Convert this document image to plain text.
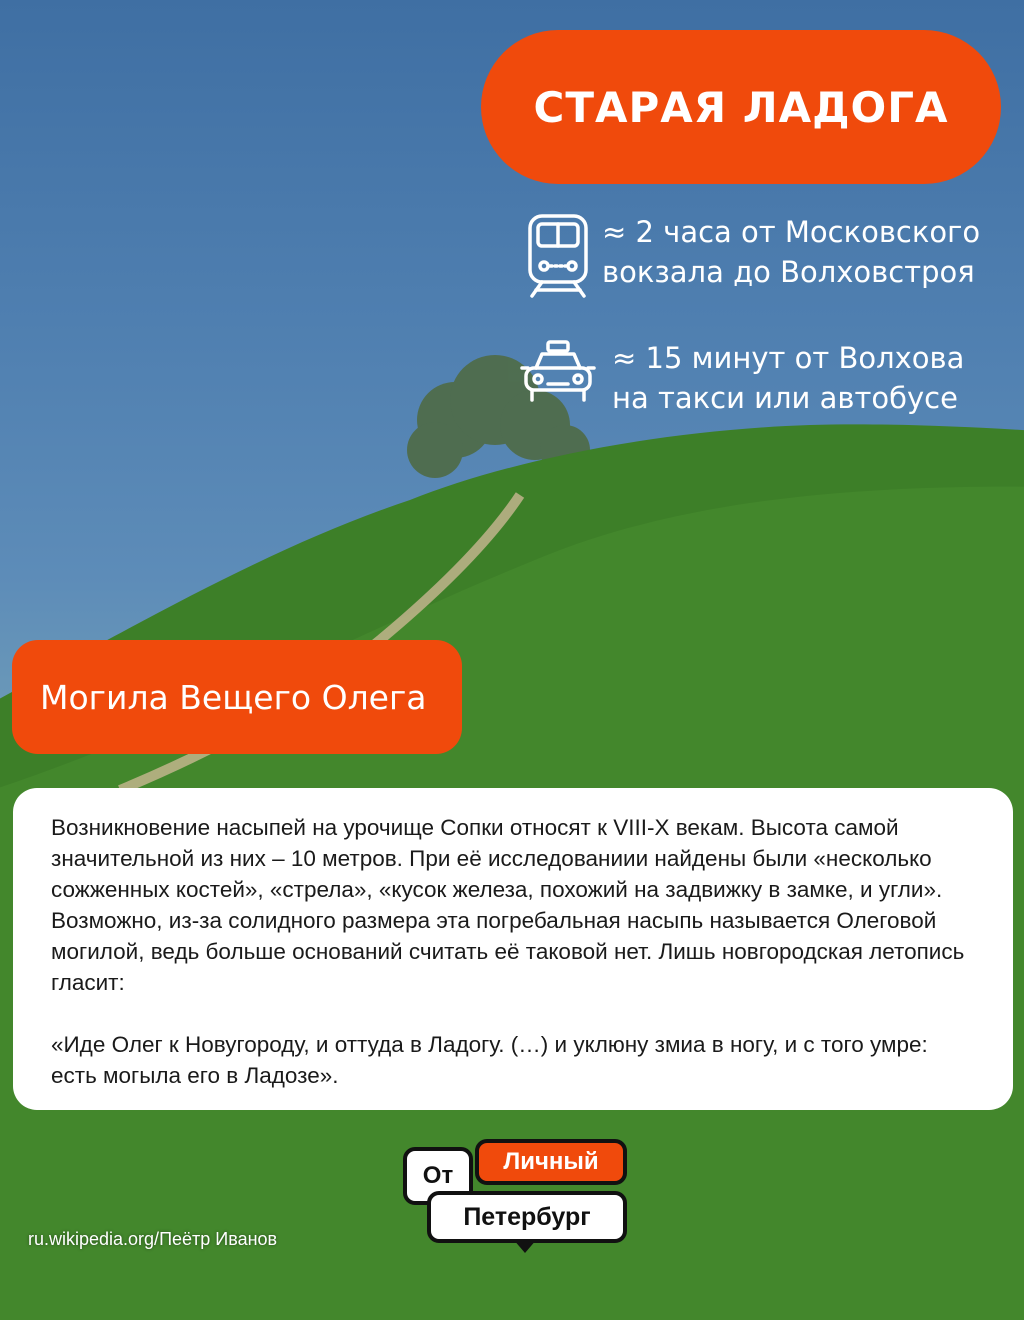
СТАРАЯ ЛАДОГА
≈ 2 часа от Московского
вокзала до Волховстроя
≈ 15 минут от Волхова
на такси или автобусе
Могила Вещего Олега

Возникновение насыпей на урочище Сопки относят к VIII-X векам. Высота самой значительной из них – 10 метров. При её исследованиии найдены были «несколько сожженных костей», «стрела», «кусок железа, похожий на задвижку в замке, и угли». Возможно, из-за солидного размера эта погребальная насыпь называется Олеговой могилой, ведь больше оснований считать её таковой нет. Лишь новгородская летопись гласит:

«Иде Олег к Новугороду, и оттуда в Ладогу. (…) и уклюну змиа в ногу, и с того умре: есть могыла его в Ладозе».

ru.wikipedia.org/Пеётр Иванов
От
Личный
Петербург
